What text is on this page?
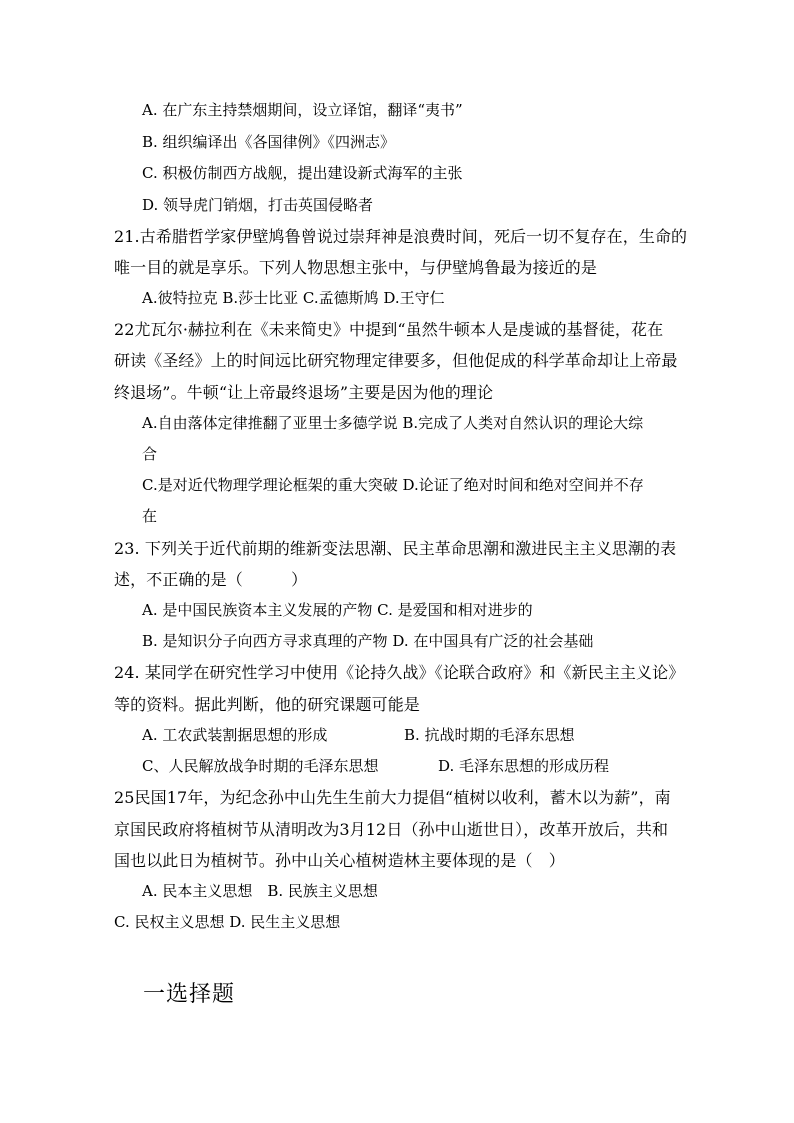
A. 在广东主持禁烟期间，设立译馆，翻译“夷书”
B. 组织编译出《各国律例》《四洲志》
C. 积极仿制西方战舰，提出建设新式海军的主张
D. 领导虎门销烟，打击英国侵略者
21.古希腊哲学家伊壁鸠鲁曾说过崇拜神是浪费时间，死后一切不复存在，生命的
唯一目的就是享乐。下列人物思想主张中，与伊壁鸠鲁最为接近的是
A.彼特拉克 B.莎士比亚 C.孟德斯鸠 D.王守仁
22尤瓦尔·赫拉利在《未来简史》中提到“虽然牛顿本人是虔诚的基督徒，花在
研读《圣经》上的时间远比研究物理定律要多，但他促成的科学革命却让上帝最
终退场”。牛顿“让上帝最终退场”主要是因为他的理论
A.自由落体定律推翻了亚里士多德学说 B.完成了人类对自然认识的理论大综
合
C.是对近代物理学理论框架的重大突破 D.论证了绝对时间和绝对空间并不存
在
23. 下列关于近代前期的维新变法思潮、民主革命思潮和激进民主主义思潮的表
述，不正确的是（　　　）
A. 是中国民族资本主义发展的产物 C. 是爱国和相对进步的
B. 是知识分子向西方寻求真理的产物 D. 在中国具有广泛的社会基础
24. 某同学在研究性学习中使用《论持久战》《论联合政府》和《新民主主义论》
等的资料。据此判断，他的研究课题可能是
A. 工农武装割据思想的形成	B. 抗战时期的毛泽东思想
C、人民解放战争时期的毛泽东思想	D. 毛泽东思想的形成历程
25民国17年，为纪念孙中山先生生前大力提倡“植树以收利，蓄木以为薪”，南
京国民政府将植树节从清明改为3月12日（孙中山逝世日），改革开放后，共和
国也以此日为植树节。孙中山关心植树造林主要体现的是（　）
A. 民本主义思想　B. 民族主义思想
C. 民权主义思想 D. 民生主义思想
一选择题
